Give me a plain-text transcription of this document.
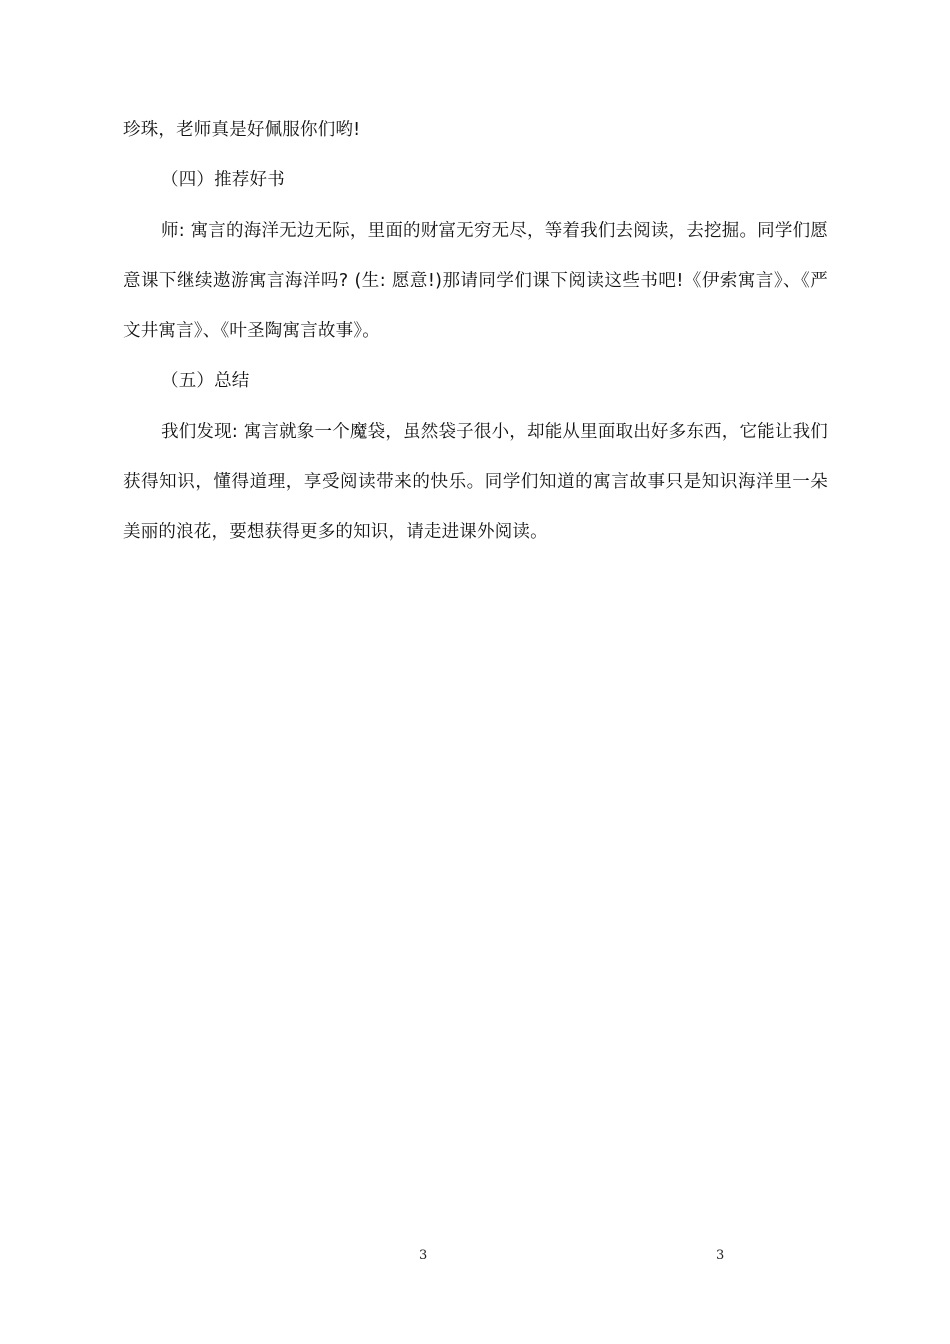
珍珠，老师真是好佩服你们哟!

（四）推荐好书

师: 寓言的海洋无边无际，里面的财富无穷无尽，等着我们去阅读，去挖掘。同学们愿意课下继续遨游寓言海洋吗? (生: 愿意!)那请同学们课下阅读这些书吧!《伊索寓言》、《严文井寓言》、《叶圣陶寓言故事》。

（五）总结

我们发现: 寓言就象一个魔袋，虽然袋子很小，却能从里面取出好多东西，它能让我们获得知识，懂得道理，享受阅读带来的快乐。同学们知道的寓言故事只是知识海洋里一朵美丽的浪花，要想获得更多的知识，请走进课外阅读。

3	3
